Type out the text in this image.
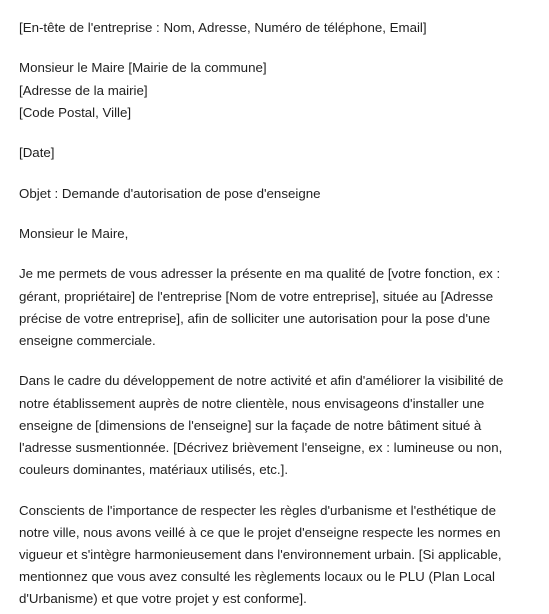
[En-tête de l'entreprise : Nom, Adresse, Numéro de téléphone, Email]

Monsieur le Maire [Mairie de la commune]
[Adresse de la mairie]
[Code Postal, Ville]

[Date]

Objet : Demande d'autorisation de pose d'enseigne

Monsieur le Maire,

Je me permets de vous adresser la présente en ma qualité de [votre fonction, ex :
gérant, propriétaire] de l'entreprise [Nom de votre entreprise], située au [Adresse
précise de votre entreprise], afin de solliciter une autorisation pour la pose d'une
enseigne commerciale.

Dans le cadre du développement de notre activité et afin d'améliorer la visibilité de
notre établissement auprès de notre clientèle, nous envisageons d'installer une
enseigne de [dimensions de l'enseigne] sur la façade de notre bâtiment situé à
l'adresse susmentionnée. [Décrivez brièvement l'enseigne, ex : lumineuse ou non,
couleurs dominantes, matériaux utilisés, etc.].

Conscients de l'importance de respecter les règles d'urbanisme et l'esthétique de
notre ville, nous avons veillé à ce que le projet d'enseigne respecte les normes en
vigueur et s'intègre harmonieusement dans l'environnement urbain. [Si applicable,
mentionnez que vous avez consulté les règlements locaux ou le PLU (Plan Local
d'Urbanisme) et que votre projet y est conforme].
